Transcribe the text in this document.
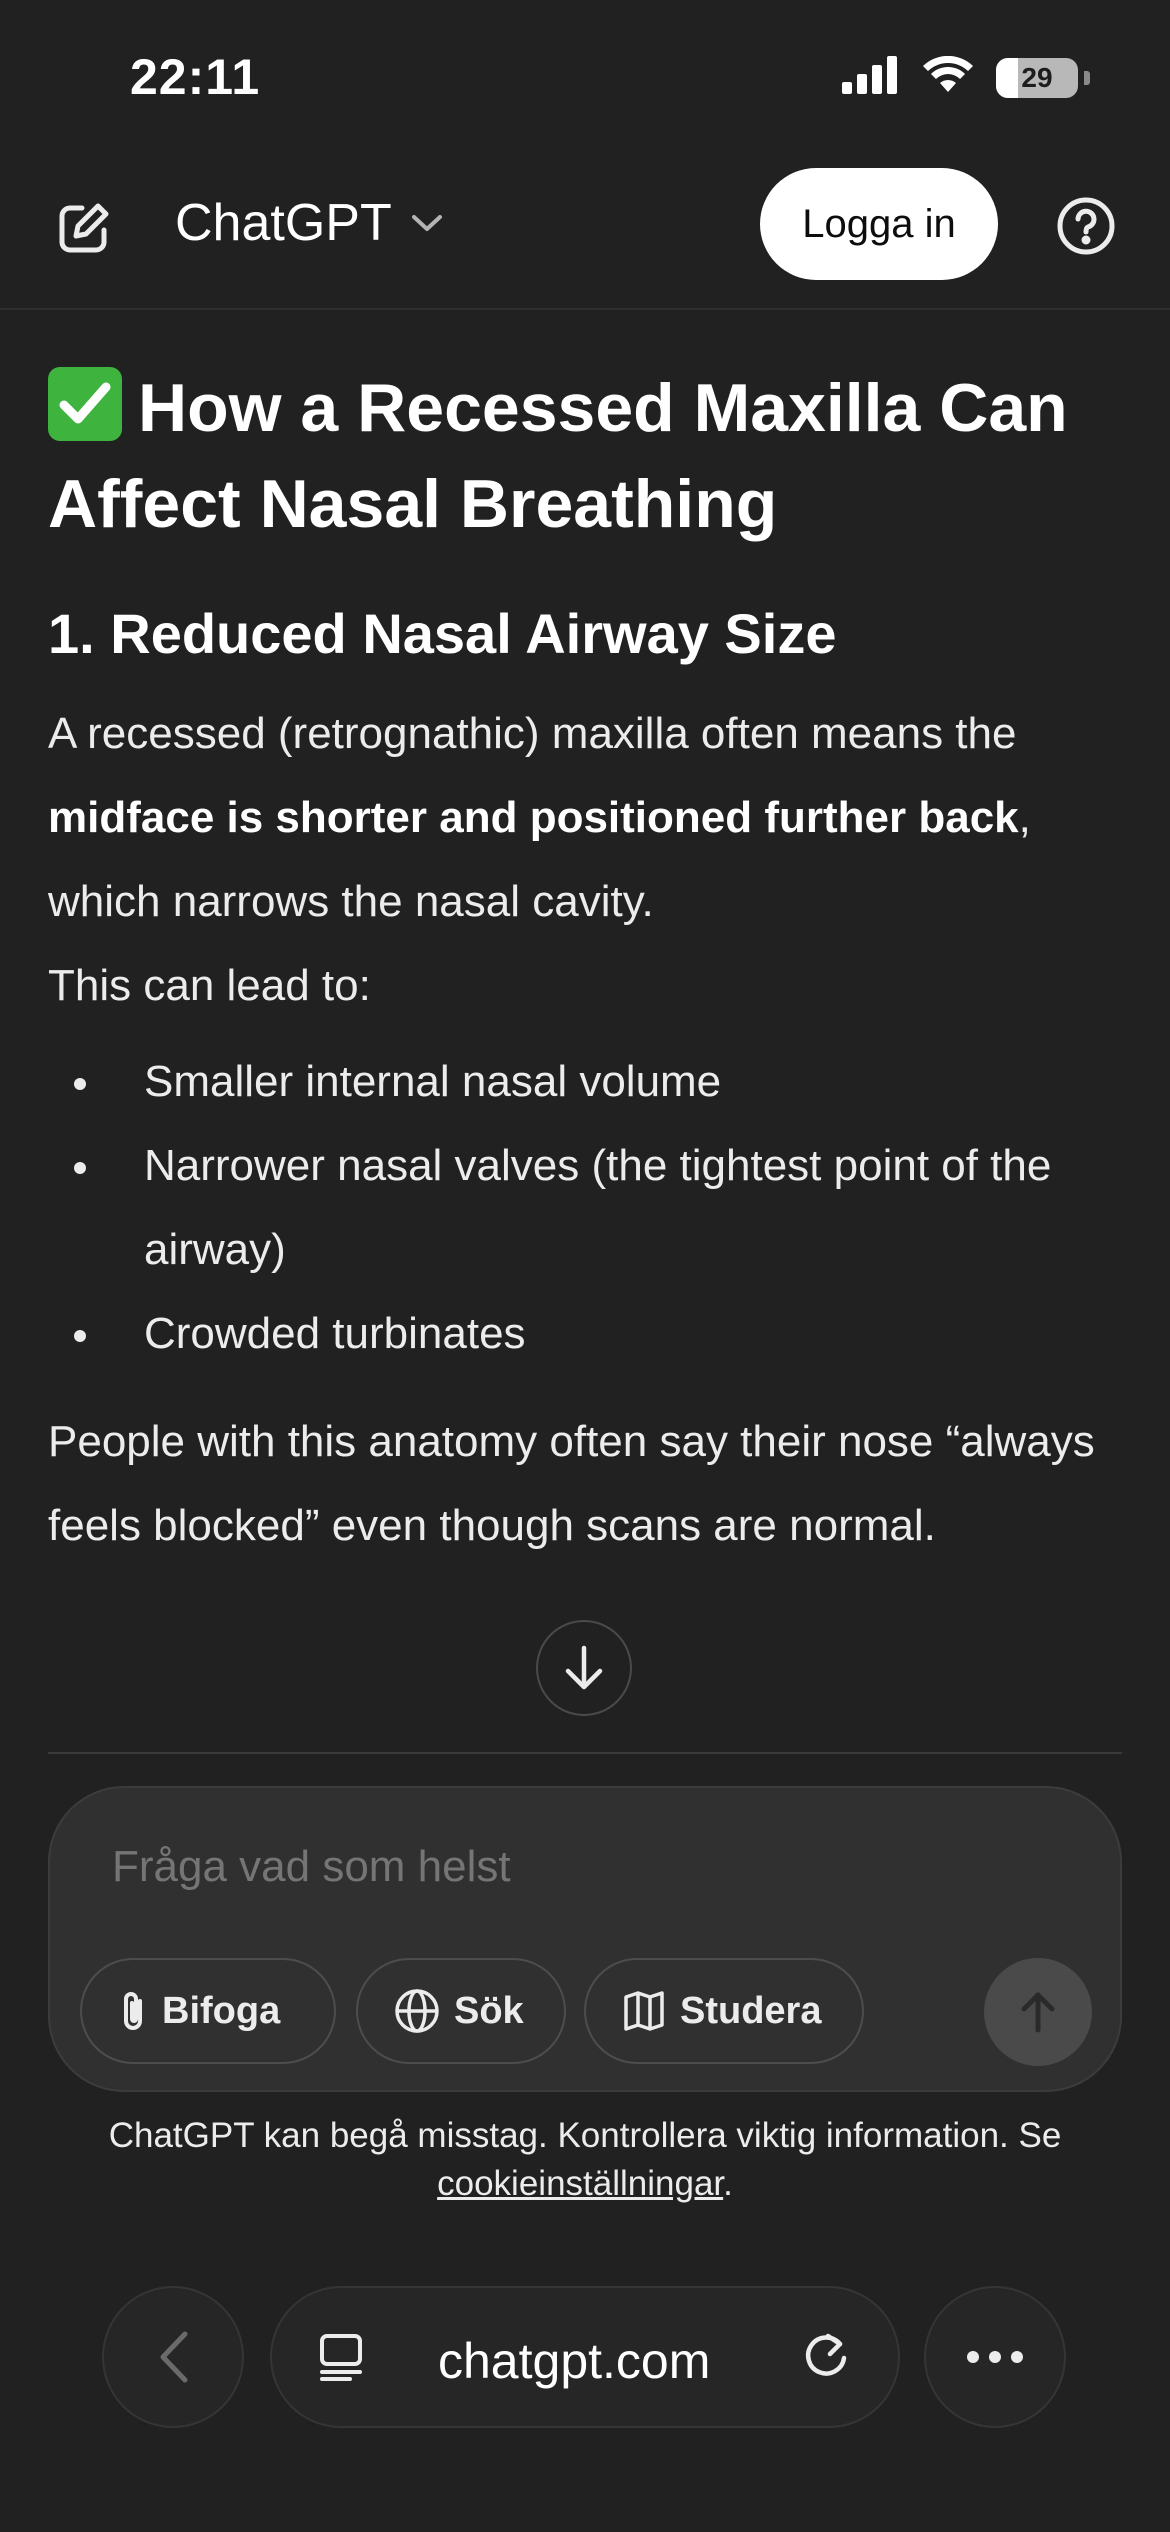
22:11	29
ChatGPT	Logga in
How a Recessed Maxilla Can Affect Nasal Breathing
1. Reduced Nasal Airway Size

A recessed (retrognathic) maxilla often means the midface is shorter and positioned further back, which narrows the nasal cavity.

This can lead to:

Smaller internal nasal volume
Narrower nasal valves (the tightest point of the airway)
Crowded turbinates

People with this anatomy often say their nose “always feels blocked” even though scans are normal.

Fråga vad som helst
Bifoga	Sök	Studera
ChatGPT kan begå misstag. Kontrollera viktig information. Se
cookieinställningar.
chatgpt.com
